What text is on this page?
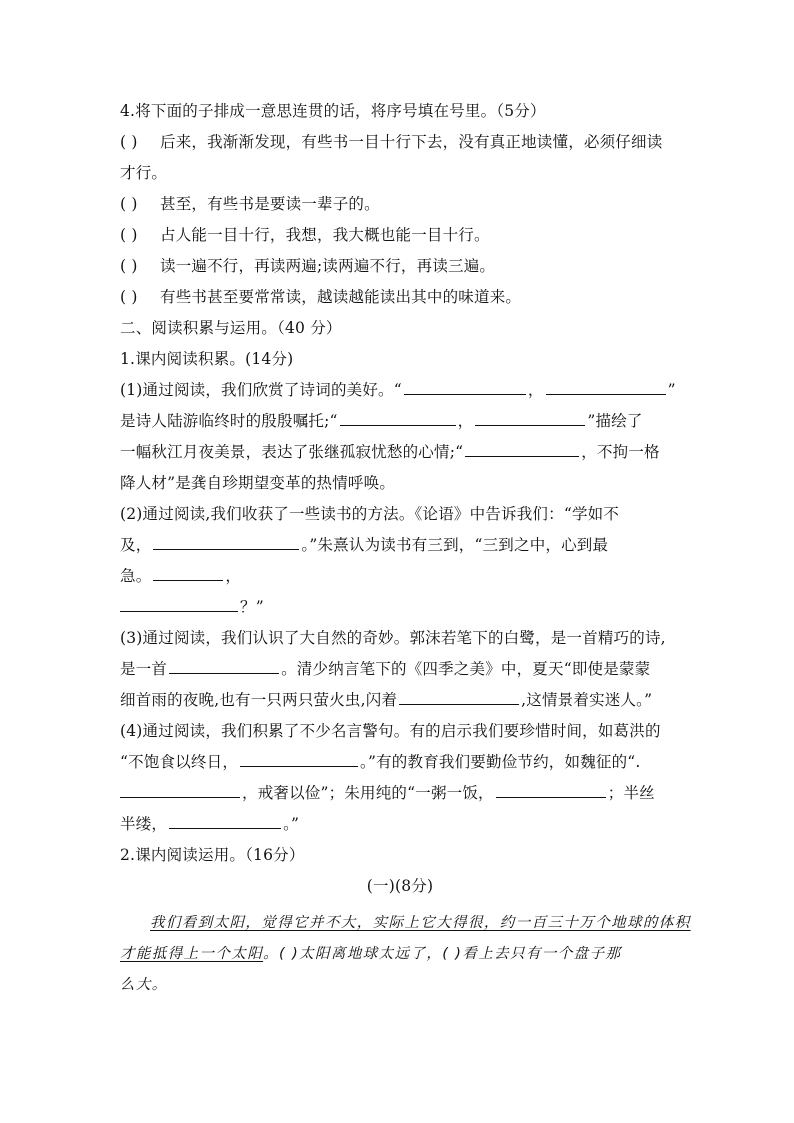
4.将下面的子排成一意思连贯的话，将序号填在号里。（5分）
( ) 后来，我渐渐发现，有些书一目十行下去，没有真正地读懂，必须仔细读
才行。
( ) 甚至，有些书是要读一辈子的。
( ) 占人能一目十行，我想，我大概也能一目十行。
( ) 读一遍不行，再读两遍;读两遍不行，再读三遍。
( ) 有些书甚至要常常读，越读越能读出其中的味道来。
二、阅读积累与运用。（40 分）
1.课内阅读积累。(14分)
(1)通过阅读，我们欣赏了诗词的美好。“	，	”
是诗人陆游临终时的殷殷嘱托;“	，	”描绘了
一幅秋江月夜美景，表达了张继孤寂忧愁的心情;“	，不拘一格
降人材”是龚自珍期望变革的热情呼唤。
(2)通过阅读,我们收获了一些读书的方法。《论语》中告诉我们：“学如不
及，	。”朱熹认为读书有三到，“三到之中，心到最
急。	，
？”
(3)通过阅读，我们认识了大自然的奇妙。郭沫若笔下的白鹭，是一首精巧的诗,
是一首	。清少纳言笔下的《四季之美》中，夏天“即使是蒙蒙
细首雨的夜晚,也有一只两只萤火虫,闪着	,这情景着实迷人。”
(4)通过阅读，我们积累了不少名言警句。有的启示我们要珍惜时间，如葛洪的
“不饱食以终日，	。”有的教育我们要勤俭节约，如魏征的“.
，戒奢以俭”；朱用纯的“一粥一饭，	；半丝
半缕，	。”
2.课内阅读运用。（16分）
(一)(8分)
我们看到太阳，觉得它并不大，实际上它大得很，约一百三十万个地球的体积
才能抵得上一个太阳。( )太阳离地球太远了，( )看上去只有一个盘子那
么大。
